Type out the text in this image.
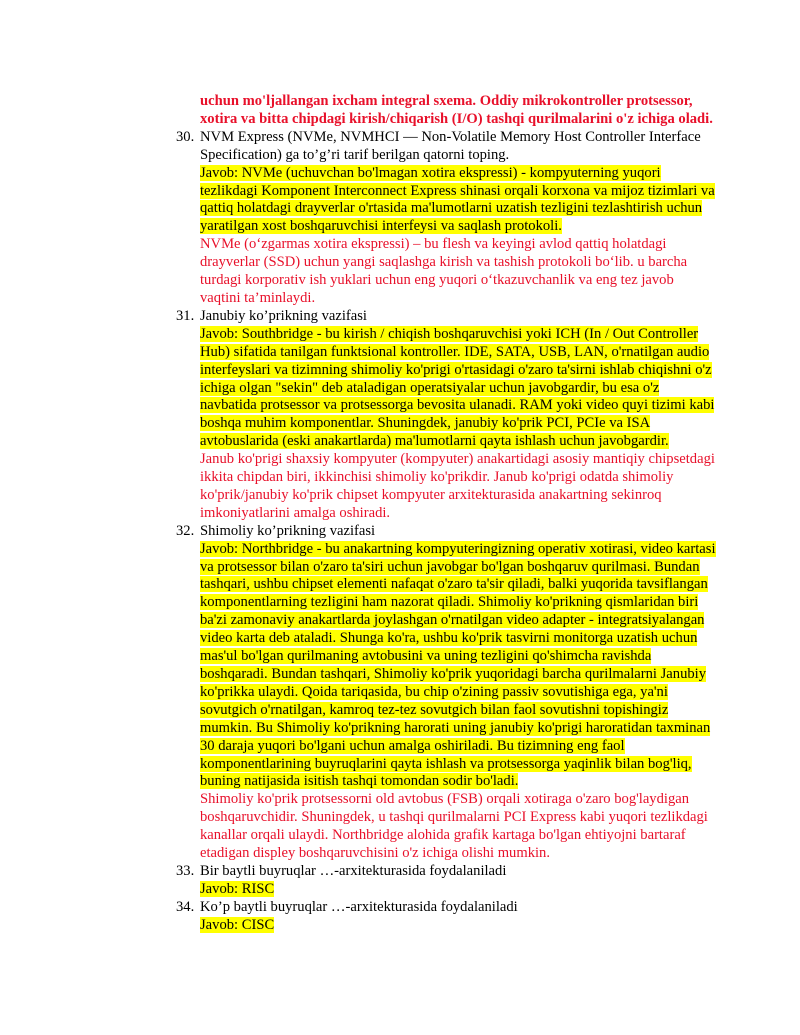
uchun mo'ljallangan ixcham integral sxema. Oddiy mikrokontroller protsessor, xotira va bitta chipdagi kirish/chiqarish (I/O) tashqi qurilmalarini o'z ichiga oladi.

30. NVM Express (NVMe, NVMHCI — Non-Volatile Memory Host Controller Interface Specification) ga to’g’ri tarif berilgan qatorni toping.

Javob: NVMe (uchuvchan bo'lmagan xotira ekspressi) - kompyuterning yuqori tezlikdagi Komponent Interconnect Express shinasi orqali korxona va mijoz tizimlari va qattiq holatdagi drayverlar o'rtasida ma'lumotlarni uzatish tezligini tezlashtirish uchun yaratilgan xost boshqaruvchisi interfeysi va saqlash protokoli.

NVMe (o‘zgarmas xotira ekspressi) – bu flesh va keyingi avlod qattiq holatdagi drayverlar (SSD) uchun yangi saqlashga kirish va tashish protokoli bo‘lib. u barcha turdagi korporativ ish yuklari uchun eng yuqori o‘tkazuvchanlik va eng tez javob vaqtini ta’minlaydi.

31. Janubiy ko’prikning vazifasi

Javob: Southbridge - bu kirish / chiqish boshqaruvchisi yoki ICH (In / Out Controller Hub) sifatida tanilgan funktsional kontroller. IDE, SATA, USB, LAN, o'rnatilgan audio interfeyslari va tizimning shimoliy ko'prigi o'rtasidagi o'zaro ta'sirni ishlab chiqishni o'z ichiga olgan "sekin" deb ataladigan operatsiyalar uchun javobgardir, bu esa o'z navbatida protsessor va protsessorga bevosita ulanadi. RAM yoki video quyi tizimi kabi boshqa muhim komponentlar. Shuningdek, janubiy ko'prik PCI, PCIe va ISA avtobuslarida (eski anakartlarda) ma'lumotlarni qayta ishlash uchun javobgardir.

Janub ko'prigi shaxsiy kompyuter (kompyuter) anakartidagi asosiy mantiqiy chipsetdagi ikkita chipdan biri, ikkinchisi shimoliy ko'prikdir. Janub ko'prigi odatda shimoliy ko'prik/janubiy ko'prik chipset kompyuter arxitekturasida anakartning sekinroq imkoniyatlarini amalga oshiradi.

32. Shimoliy ko’prikning vazifasi

Javob: Northbridge - bu anakartning kompyuteringizning operativ xotirasi, video kartasi va protsessor bilan o'zaro ta'siri uchun javobgar bo'lgan boshqaruv qurilmasi. Bundan tashqari, ushbu chipset elementi nafaqat o'zaro ta'sir qiladi, balki yuqorida tavsiflangan komponentlarning tezligini ham nazorat qiladi. Shimoliy ko'prikning qismlaridan biri ba'zi zamonaviy anakartlarda joylashgan o'rnatilgan video adapter - integratsiyalangan video karta deb ataladi. Shunga ko'ra, ushbu ko'prik tasvirni monitorga uzatish uchun mas'ul bo'lgan qurilmaning avtobusini va uning tezligini qo'shimcha ravishda boshqaradi. Bundan tashqari, Shimoliy ko'prik yuqoridagi barcha qurilmalarni Janubiy ko'prikka ulaydi. Qoida tariqasida, bu chip o'zining passiv sovutishiga ega, ya'ni sovutgich o'rnatilgan, kamroq tez-tez sovutgich bilan faol sovutishni topishingiz mumkin. Bu Shimoliy ko'prikning harorati uning janubiy ko'prigi haroratidan taxminan 30 daraja yuqori bo'lgani uchun amalga oshiriladi. Bu tizimning eng faol komponentlarining buyruqlarini qayta ishlash va protsessorga yaqinlik bilan bog'liq, buning natijasida isitish tashqi tomondan sodir bo'ladi.

Shimoliy ko'prik protsessorni old avtobus (FSB) orqali xotiraga o'zaro bog'laydigan boshqaruvchidir. Shuningdek, u tashqi qurilmalarni PCI Express kabi yuqori tezlikdagi kanallar orqali ulaydi. Northbridge alohida grafik kartaga bo'lgan ehtiyojni bartaraf etadigan displey boshqaruvchisini o'z ichiga olishi mumkin.

33. Bir baytli buyruqlar …-arxitekturasida foydalaniladi

Javob: RISC

34. Ko’p baytli buyruqlar …-arxitekturasida foydalaniladi

Javob: CISC
